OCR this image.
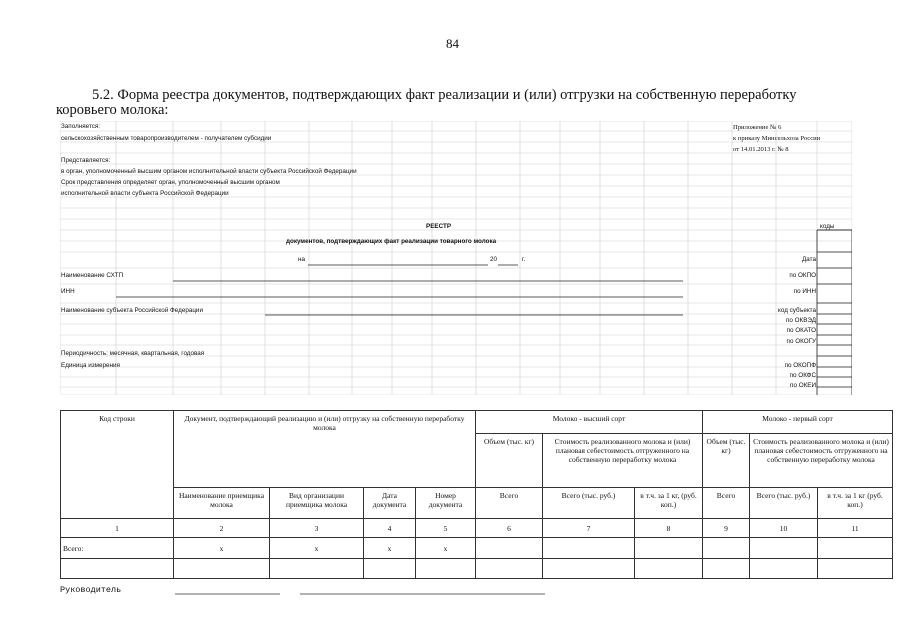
84
5.2. Форма реестра документов, подтверждающих факт реализации и (или) отгрузки на собственную переработку коровьего молока:
Заполняется:
сельскохозяйственным товаропроизводителем - получателем субсидии
Представляется:
в орган, уполномоченный высшим органом исполнительной власти субъекта Российской Федерации
Срок представления определяет орган, уполномоченный высшим органом
исполнительной власти субъекта Российской Федерации
Приложение № 6
к приказу Минсельхоза России
от 14.01.2013 г. № 8
РЕЕСТР	коды
документов, подтверждающих факт реализации товарного молока
на	20	г.	Дата
Наименование СХТП
ИНН
Наименование субъекта Российской Федерации
Периодичность: месячная, квартальная, годовая
Единица измерения
по ОКПО
по ИНН
код субъекта
по ОКВЭД
по ОКАТО
по ОКОГУ
по ОКОПФ
по ОКФС
по ОКЕИ
Код строки	Документ, подтверждающий реализацию и (или) отгрузку на собственную переработку молока				Молоко - высший сорт			Молоко - первый сорт		
					Объем (тыс. кг)	Стоимость реализованного молока и (или) плановая себестоимость отгруженного на собственную переработку молока		Объем (тыс. кг)	Стоимость реализованного молока и (или) плановая себестоимость отгруженного на собственную переработку молока	
	Наименование приемщика молока	Вид организации приемщика молока	Дата документа	Номер документа	Всего	Всего (тыс. руб.)	в т.ч. за 1 кг, (руб. коп.)	Всего	Всего (тыс. руб.)	в т.ч. за 1 кг (руб. коп.)
1	2	3	4	5	6	7	8	9	10	11
Всего:	х	х	х	х						

Руководитель
